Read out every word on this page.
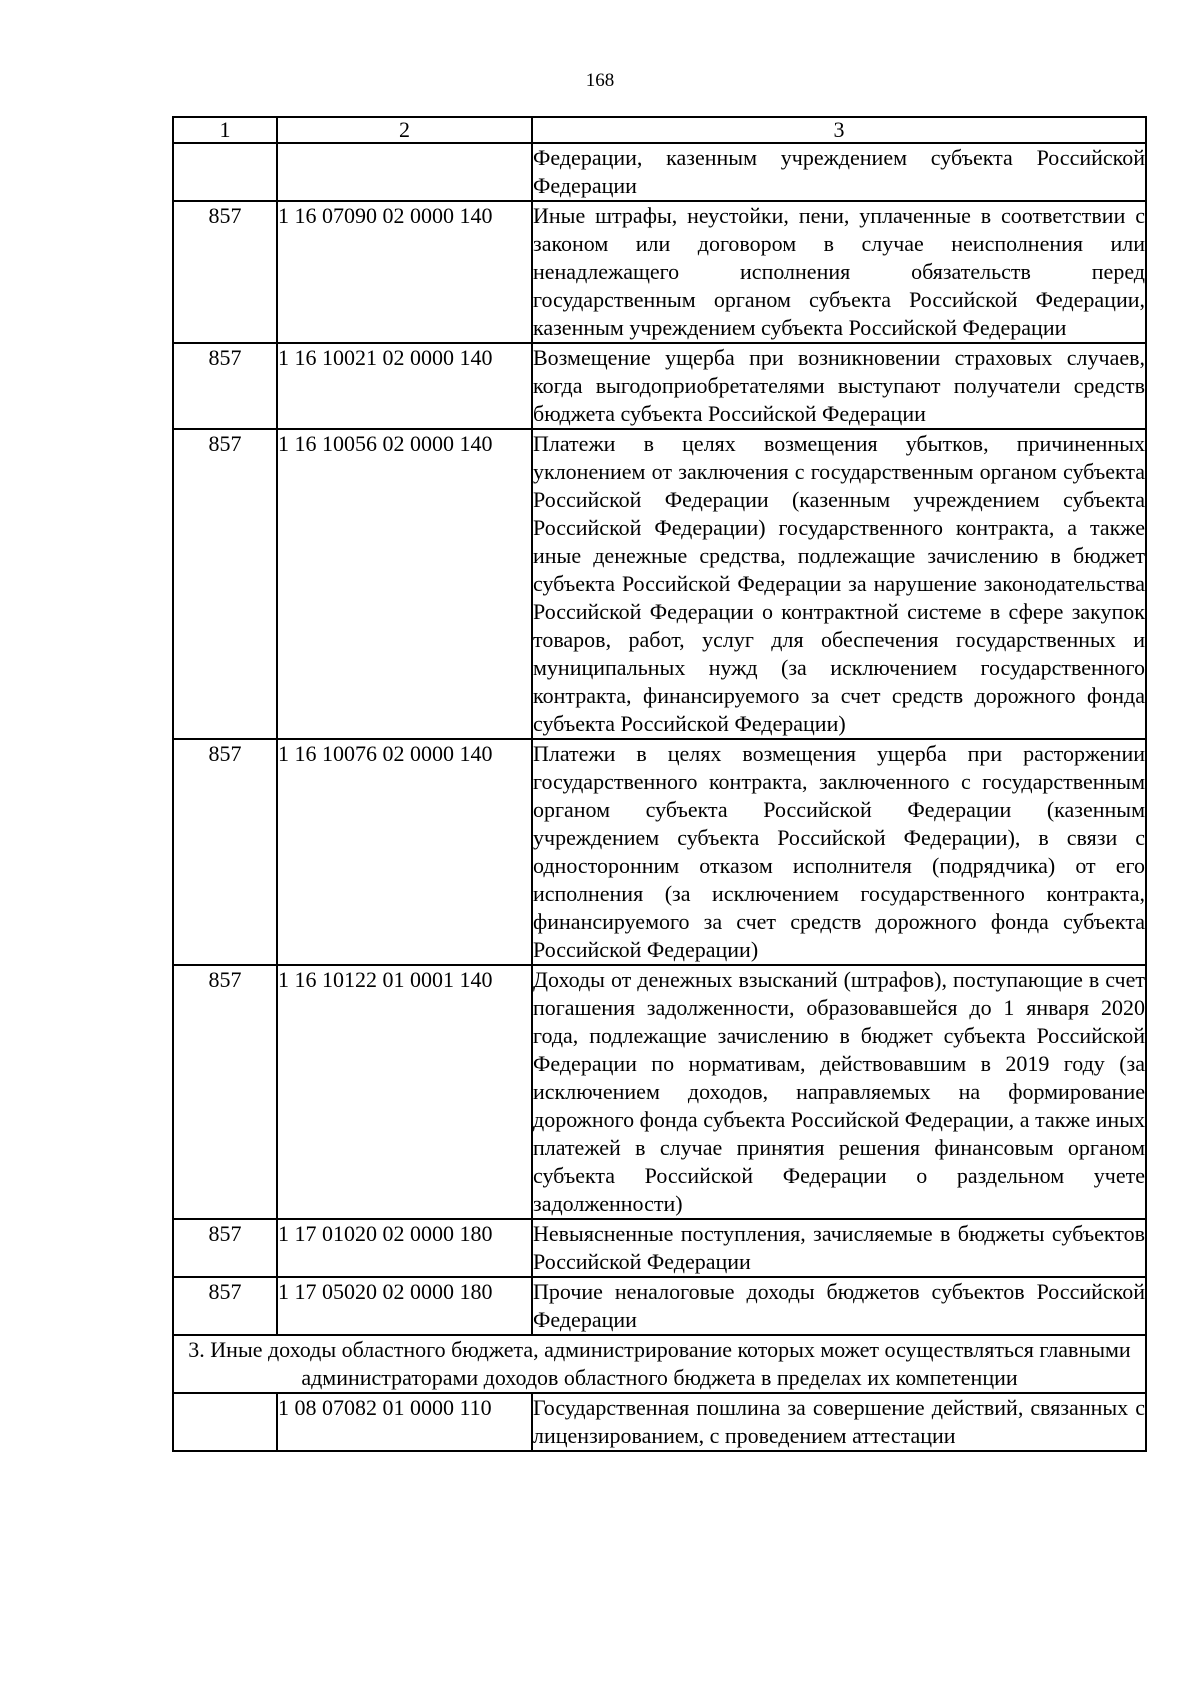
168
1	2	3
		Федерации, казенным учреждением субъекта Российской Федерации
857	1 16 07090 02 0000 140	Иные штрафы, неустойки, пени, уплаченные в соответствии с законом или договором в случае неисполнения или ненадлежащего исполнения обязательств перед государственным органом субъекта Российской Федерации, казенным учреждением субъекта Российской Федерации
857	1 16 10021 02 0000 140	Возмещение ущерба при возникновении страховых случаев, когда выгодоприобретателями выступают получатели средств бюджета субъекта Российской Федерации
857	1 16 10056 02 0000 140	Платежи в целях возмещения убытков, причиненных уклонением от заключения с государственным органом субъекта Российской Федерации (казенным учреждением субъекта Российской Федерации) государственного контракта, а также иные денежные средства, подлежащие зачислению в бюджет субъекта Российской Федерации за нарушение законодательства Российской Федерации о контрактной системе в сфере закупок товаров, работ, услуг для обеспечения государственных и муниципальных нужд (за исключением государственного контракта, финансируемого за счет средств дорожного фонда субъекта Российской Федерации)
857	1 16 10076 02 0000 140	Платежи в целях возмещения ущерба при расторжении государственного контракта, заключенного с государственным органом субъекта Российской Федерации (казенным учреждением субъекта Российской Федерации), в связи с односторонним отказом исполнителя (подрядчика) от его исполнения (за исключением государственного контракта, финансируемого за счет средств дорожного фонда субъекта Российской Федерации)
857	1 16 10122 01 0001 140	Доходы от денежных взысканий (штрафов), поступающие в счет погашения задолженности, образовавшейся до 1 января 2020 года, подлежащие зачислению в бюджет субъекта Российской Федерации по нормативам, действовавшим в 2019 году (за исключением доходов, направляемых на формирование дорожного фонда субъекта Российской Федерации, а также иных платежей в случае принятия решения финансовым органом субъекта Российской Федерации о раздельном учете задолженности)
857	1 17 01020 02 0000 180	Невыясненные поступления, зачисляемые в бюджеты субъектов Российской Федерации
857	1 17 05020 02 0000 180	Прочие неналоговые доходы бюджетов субъектов Российской Федерации
3. Иные доходы областного бюджета, администрирование которых может осуществляться главными администраторами доходов областного бюджета в пределах их компетенции		
	1 08 07082 01 0000 110	Государственная пошлина за совершение действий, связанных с лицензированием, с проведением аттестации
